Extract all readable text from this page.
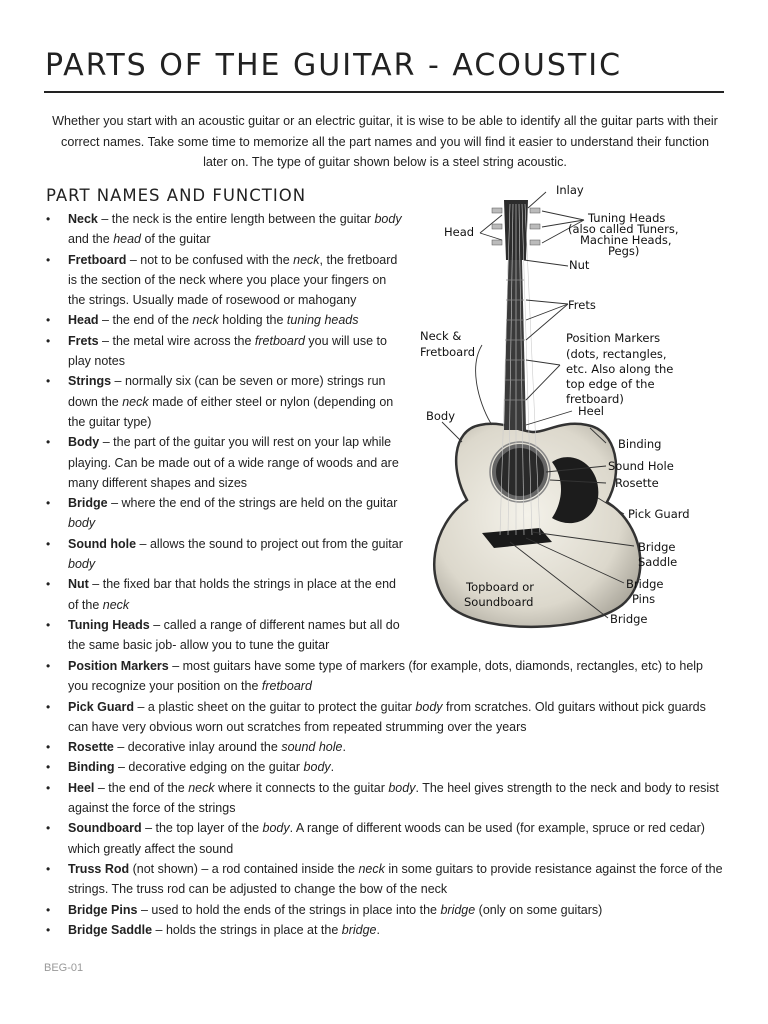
PARTS OF THE GUITAR - ACOUSTIC

Whether you start with an acoustic guitar or an electric guitar, it is wise to be able to identify all the guitar parts with their correct names. Take some time to memorize all the part names and you will find it easier to understand their function later on. The type of guitar shown below is a steel string acoustic.

PART NAMES AND FUNCTION
• Neck – the neck is the entire length between the guitar body and the head of the guitar
• Fretboard – not to be confused with the neck, the fretboard is the section of the neck where you place your fingers on the strings. Usually made of rosewood or mahogany
• Head – the end of the neck holding the tuning heads
• Frets – the metal wire across the fretboard you will use to play notes
• Strings – normally six (can be seven or more) strings run down the neck made of either steel or nylon (depending on the guitar type)
• Body – the part of the guitar you will rest on your lap while playing. Can be made out of a wide range of woods and are many different shapes and sizes
• Bridge – where the end of the strings are held on the guitar body
• Sound hole – allows the sound to project out from the guitar body
• Nut – the fixed bar that holds the strings in place at the end of the neck
• Tuning Heads – called a range of different names but all do the same basic job- allow you to tune the guitar
• Position Markers – most guitars have some type of markers (for example, dots, diamonds, rectangles, etc) to help you recognize your position on the fretboard
• Pick Guard – a plastic sheet on the guitar to protect the guitar body from scratches. Old guitars without pick guards can have very obvious worn out scratches from repeated strumming over the years
• Rosette – decorative inlay around the sound hole.
• Binding – decorative edging on the guitar body.
• Heel – the end of the neck where it connects to the guitar body. The heel gives strength to the neck and body to resist against the force of the strings
• Soundboard – the top layer of the body. A range of different woods can be used (for example, spruce or red cedar) which greatly affect the sound
• Truss Rod (not shown) – a rod contained inside the neck in some guitars to provide resistance against the force of the strings. The truss rod can be adjusted to change the bow of the neck
• Bridge Pins – used to hold the ends of the strings in place into the bridge (only on some guitars)
• Bridge Saddle – holds the strings in place at the bridge.
Inlay
Head
Tuning Heads
(also called Tuners,
Machine Heads,
Pegs)
Nut
Frets
Neck &
Fretboard
Position Markers
(dots, rectangles,
etc. Also along the
top edge of the
fretboard)
Body	Heel
Binding
Sound Hole
Rosette
Pick Guard
Bridge
Saddle
Bridge
Pins
Topboard or
Soundboard
Bridge
BEG-01
